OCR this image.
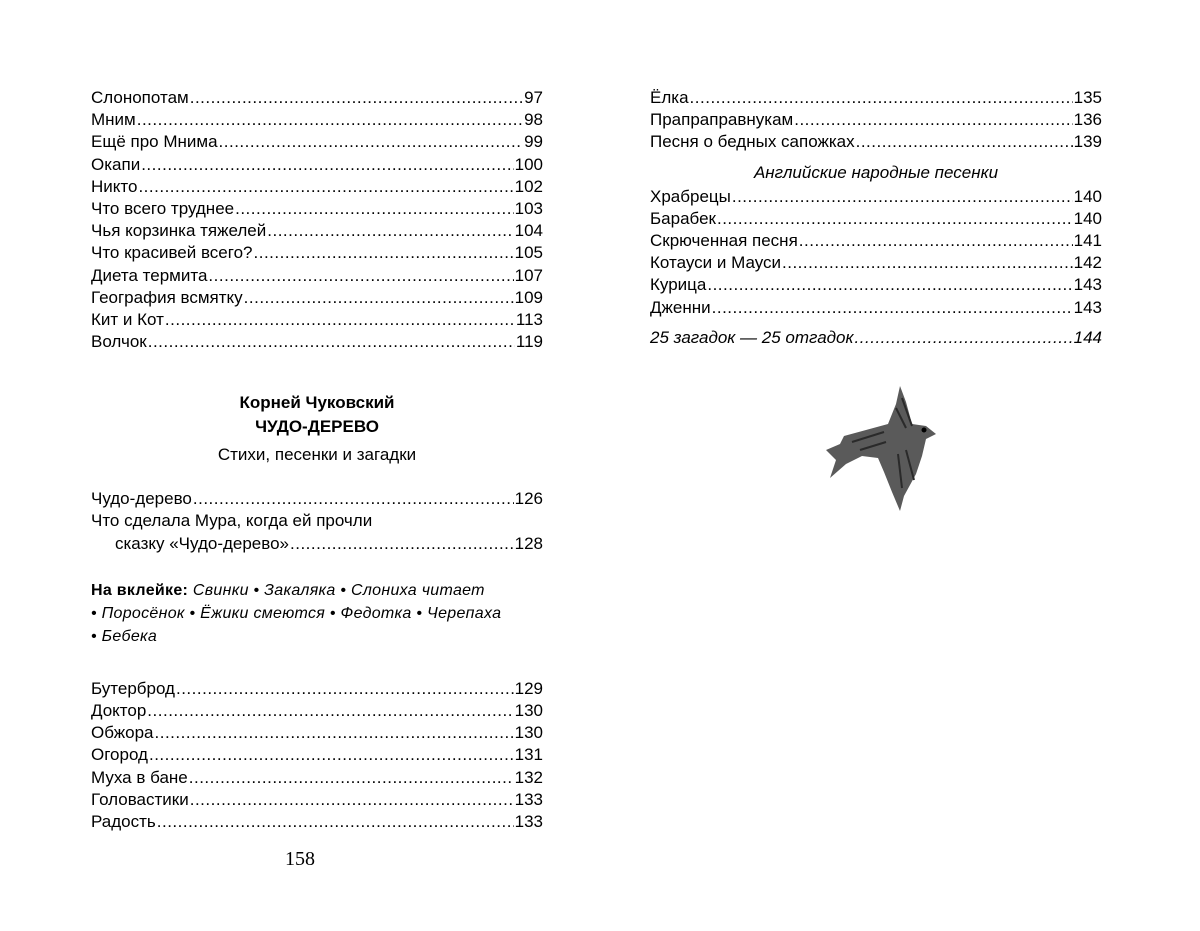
Слонопотам .....	97
Мним .....	98
Ещё про Мнима .....	99
Окапи .....	100
Никто .....	102
Что всего труднее .....	103
Чья корзинка тяжелей .....	104
Что красивей всего? .....	105
Диета термита .....	107
География всмятку .....	109
Кит и Кот .....	113
Волчок .....	119
Корней Чуковский
ЧУДО-ДЕРЕВО
Стихи, песенки и загадки
Чудо-дерево .....	126
Что сделала Мура, когда ей прочли
сказку «Чудо-дерево» .....	128
На вклейке: Свинки • Закаляка • Слониха читает
• Поросёнок • Ёжики смеются • Федотка • Черепаха
• Бебека
Бутерброд .....	129
Доктор .....	130
Обжора .....	130
Огород .....	131
Муха в бане .....	132
Головастики .....	133
Радость .....	133
158
Ёлка .....	135
Прапраправнукам .....	136
Песня о бедных сапожках .....	139
Английские народные песенки
Храбрецы .....	140
Барабек .....	140
Скрюченная песня .....	141
Котауси и Мауси .....	142
Курица .....	143
Дженни .....	143
25 загадок — 25 отгадок .....	144
